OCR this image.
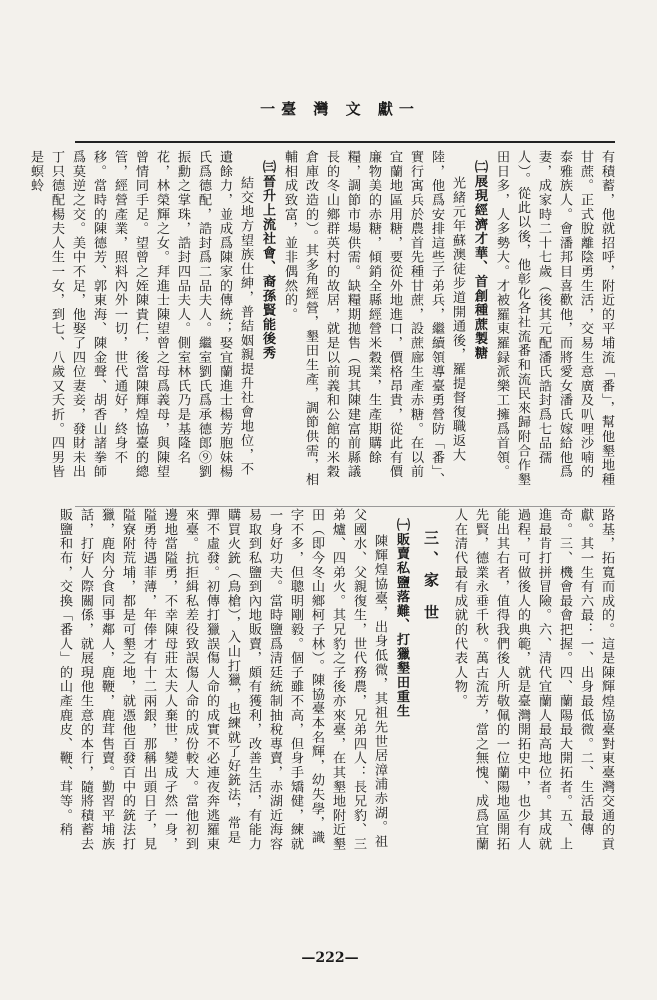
一臺 灣 文 獻一

有積蓄，他就招呼，附近的平埔流「番」，幫他墾地種甘蔗。正式脫離陰勇生活，交易生意廣及叭哩沙喃的泰雅族人。會潘邦目喜歡他，而將愛女潘氏嫁給他爲妻，成家時二十七歲（後其元配潘氏誥封爲七品孺人）。從此以後，他彰化各社流番和流民來歸附合作墾田日多，人多勢大。才被羅東羅録派樂工擁爲首領。

㈡展現經濟才華、首創種蔗製糖

光緒元年蘇澳徒步道開通後，羅提督復職返大陸，他爲安排這些子弟兵，繼續領導臺勇營防「番」、實行寓兵於農首先種甘蔗，設蔗廍生產赤糖。在以前宜蘭地區用糖，要從外地進口，價格昂貴，從此有價廉物美的赤糖，傾銷全縣經營米穀業，生產期購餘糧，調節市場供需。缺糧期拋售（現其陳建富前縣議長的冬山鄉群英村的故居，就是以前義和公館的米穀倉庫改造的）。其多角經營，墾田生產，調節供需，相輔相成致富，並非偶然的。

㈢晉升上流社會、裔孫賢能後秀

結交地方望族仕紳，普結姻親提升社會地位，不遺餘力，並成爲陳家的傳統；娶宜蘭進士楊芳胞妹楊氏爲德配，誥封爲二品夫人。繼室劉氏爲承德郎⑨劉振勳之掌珠，誥封四品夫人。側室林氏乃是基隆名花，林榮輝之女。拜進士陳望曾之母爲義母，與陳望曾情同手足。望曾之姪陳貴仁，後當陳輝煌協臺的總管，經營產業，照料內外一切，世代通好，終身不移。當時的陳德芳、郭東海、陳金聲、胡香山諸拳師爲莫逆之交。美中不足，他娶了四位妻妾，發財未出丁只德配楊夫人生一女，到七、八歲又夭折。四男皆是螟蛉

路基，拓寬而成的。這是陳輝煌協臺對東臺灣交通的貢獻。其一生有六最：一、出身最低微。二、生活最傳奇。三、機會最會把握。四、蘭陽最大開拓者。五、上進最肯打拼冒險。六、清代宜蘭人最高地位者。其成就過程，可做後人的典範，就是臺灣開拓史中，也少有人能出其右者，值得我們後人所敬佩的一位蘭陽地區開拓先賢，德業永垂千秋。萬古流芳，當之無愧、成爲宜蘭人在清代最有成就的代表人物。

三、家 世
㈠販賣私鹽落難、打獵墾田重生

陳輝煌協臺，出身低微，其祖先世居漳浦赤湖。祖父國水、父親復生，世代務農，兄弟四人：長兄豹、三弟爐、四弟火。其兄豹之子後亦來臺，在其墾地附近墾田（即今冬山鄉柯子林）。陳協臺本名輝，幼失學，識字不多，但聰明剛毅。個子雖不高，但身手矯健，練就一身好功夫。當時鹽爲清廷統制抽稅專賣，赤湖近海容易取到私鹽到內地販賣，頗有獲利，改善生活，有能力購買火銃（鳥槍），入山打獵，也練就了好銃法，常是彈不虛發。初傳打獵誤傷人命的成實不必連夜奔逃羅東來臺。抗拒緝私差役致誤傷人命的成份較大。當他初到邊地當隘勇，不幸陳母莊太夫人棄世，變成孑然一身，隘勇待遇菲薄，年俸才有十二兩銀，那稱出頭日子，見隘寮附荒埔，都是可墾之地，就憑他百發百中的銃法打獵，鹿肉分食同事鄰人，鹿鞭，鹿茸售賣。勤習平埔族話，打好人際關係，就展現他生意的本行，隨將積蓄去販鹽和布，交換「番人」的山產鹿皮、鞭、茸等。稍

—222—
